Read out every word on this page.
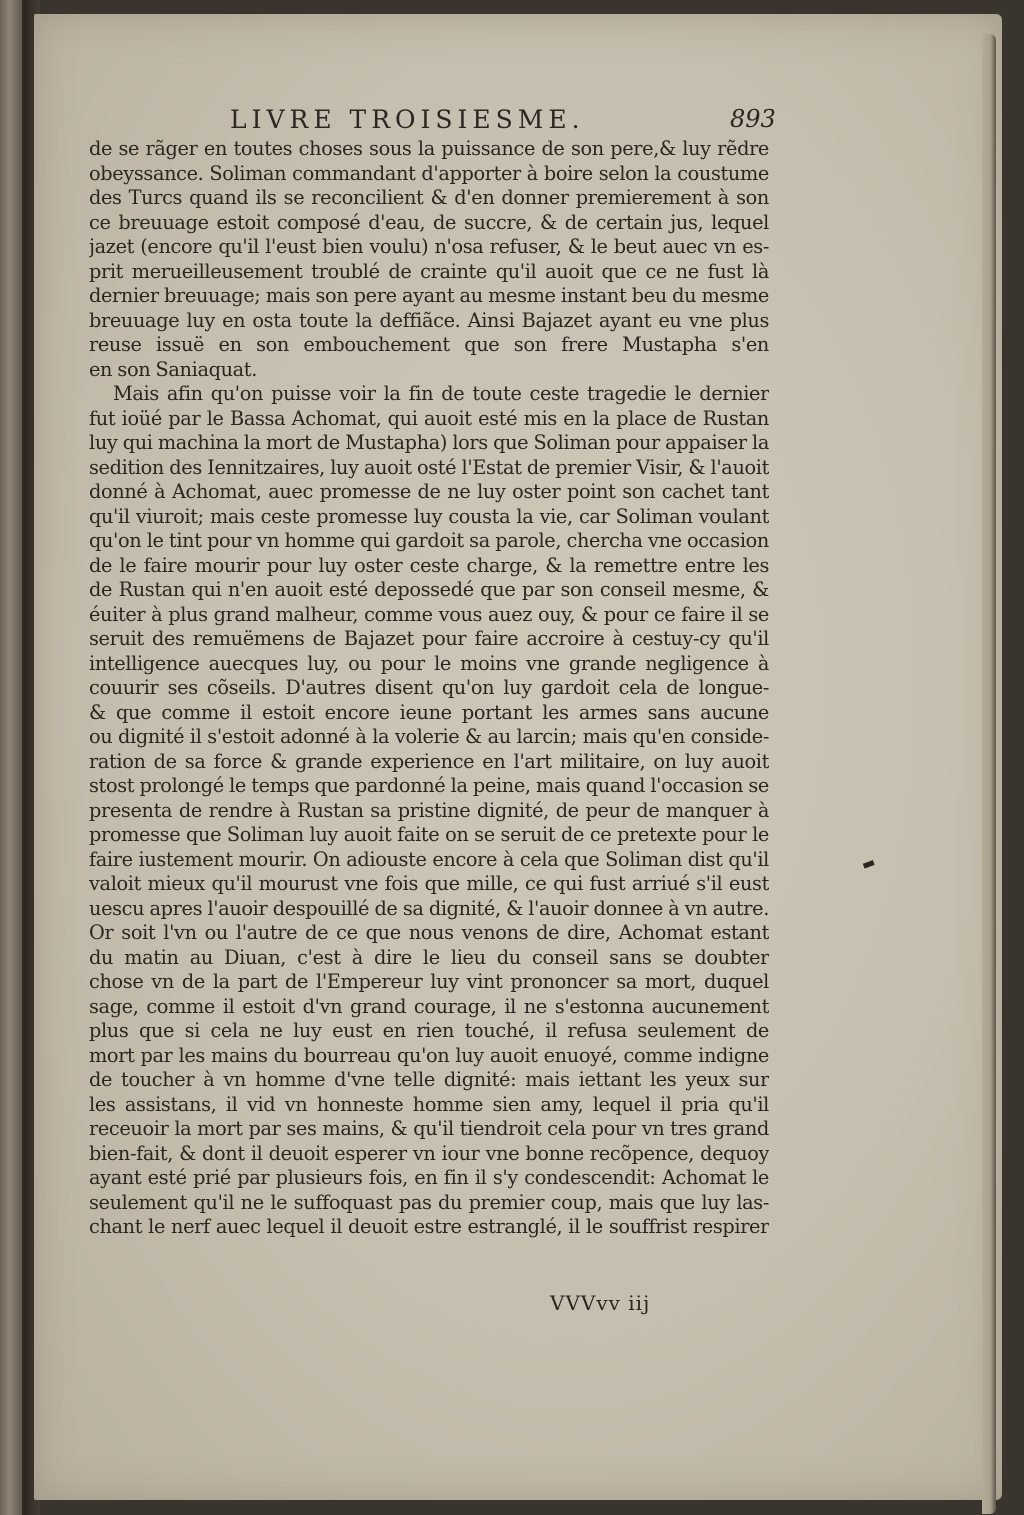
LIVRE TROISIESME.	893
de se rãger en toutes choses sous la puissance de son pere,& luy rẽdre
obeyssance. Soliman commandant d'apporter à boire selon la coustume
des Turcs quand ils se reconcilient & d'en donner premierement à son
ce breuuage estoit composé d'eau, de succre, & de certain jus, lequel
jazet (encore qu'il l'eust bien voulu) n'osa refuser, & le beut auec vn es-
prit merueilleusement troublé de crainte qu'il auoit que ce ne fust là
dernier breuuage; mais son pere ayant au mesme instant beu du mesme
breuuage luy en osta toute la deffiãce. Ainsi Bajazet ayant eu vne plus
reuse issuë en son embouchement que son frere Mustapha s'en
en son Saniaquat.
Mais afin qu'on puisse voir la fin de toute ceste tragedie le dernier
fut ioüé par le Bassa Achomat, qui auoit esté mis en la place de Rustan
luy qui machina la mort de Mustapha) lors que Soliman pour appaiser la
sedition des Iennitzaires, luy auoit osté l'Estat de premier Visir, & l'auoit
donné à Achomat, auec promesse de ne luy oster point son cachet tant
qu'il viuroit; mais ceste promesse luy cousta la vie, car Soliman voulant
qu'on le tint pour vn homme qui gardoit sa parole, chercha vne occasion
de le faire mourir pour luy oster ceste charge, & la remettre entre les
de Rustan qui n'en auoit esté depossedé que par son conseil mesme, &
éuiter à plus grand malheur, comme vous auez ouy, & pour ce faire il se
seruit des remuëmens de Bajazet pour faire accroire à cestuy-cy qu'il
intelligence auecques luy, ou pour le moins vne grande negligence à
couurir ses cõseils. D'autres disent qu'on luy gardoit cela de longue-
& que comme il estoit encore ieune portant les armes sans aucune
ou dignité il s'estoit adonné à la volerie & au larcin; mais qu'en conside-
ration de sa force & grande experience en l'art militaire, on luy auoit
stost prolongé le temps que pardonné la peine, mais quand l'occasion se
presenta de rendre à Rustan sa pristine dignité, de peur de manquer à
promesse que Soliman luy auoit faite on se seruit de ce pretexte pour le
faire iustement mourir. On adiouste encore à cela que Soliman dist qu'il
valoit mieux qu'il mourust vne fois que mille, ce qui fust arriué s'il eust
uescu apres l'auoir despouillé de sa dignité, & l'auoir donnee à vn autre.
Or soit l'vn ou l'autre de ce que nous venons de dire, Achomat estant
du matin au Diuan, c'est à dire le lieu du conseil sans se doubter
chose vn de la part de l'Empereur luy vint prononcer sa mort, duquel
sage, comme il estoit d'vn grand courage, il ne s'estonna aucunement
plus que si cela ne luy eust en rien touché, il refusa seulement de
mort par les mains du bourreau qu'on luy auoit enuoyé, comme indigne
de toucher à vn homme d'vne telle dignité: mais iettant les yeux sur
les assistans, il vid vn honneste homme sien amy, lequel il pria qu'il
receuoir la mort par ses mains, & qu'il tiendroit cela pour vn tres grand
bien-fait, & dont il deuoit esperer vn iour vne bonne recõpence, dequoy
ayant esté prié par plusieurs fois, en fin il s'y condescendit: Achomat le
seulement qu'il ne le suffoquast pas du premier coup, mais que luy las-
chant le nerf auec lequel il deuoit estre estranglé, il le souffrist respirer
VVVvv iij
▬
